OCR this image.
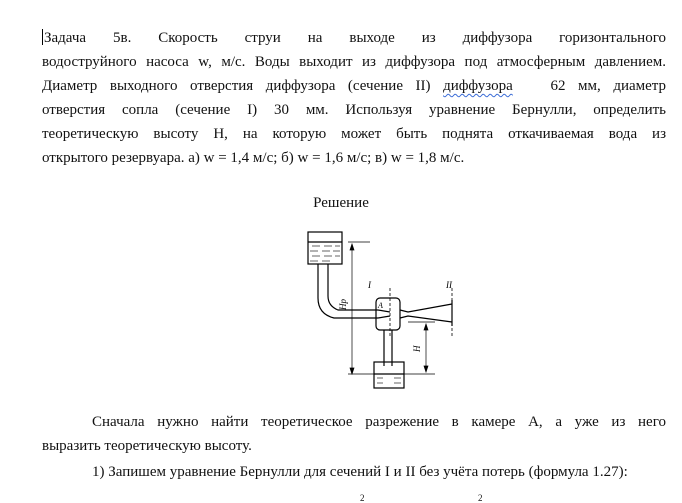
Задача 5в. Скорость струи на выходе из диффузора горизонтального
водоструйного насоса w, м/с. Воды выходит из диффузора под атмосферным давлением.
Диаметр выходного отверстия диффузора (сечение II) диффузора	62 мм, диаметр
отверстия сопла (сечение I) 30 мм. Используя уравнение Бернулли, определить
теоретическую высоту Н, на которую может быть поднята откачиваемая вода из
открытого резервуара. а) w = 1,4 м/с; б) w = 1,6 м/с; в) w = 1,8 м/с.

Решение
I	II
A
Hр
H

Сначала нужно найти теоретическое разрежение в камере А, а уже из него
выразить теоретическую высоту.

1) Запишем уравнение Бернулли для сечений I и II без учёта потерь (формула 1.27):
2	2
